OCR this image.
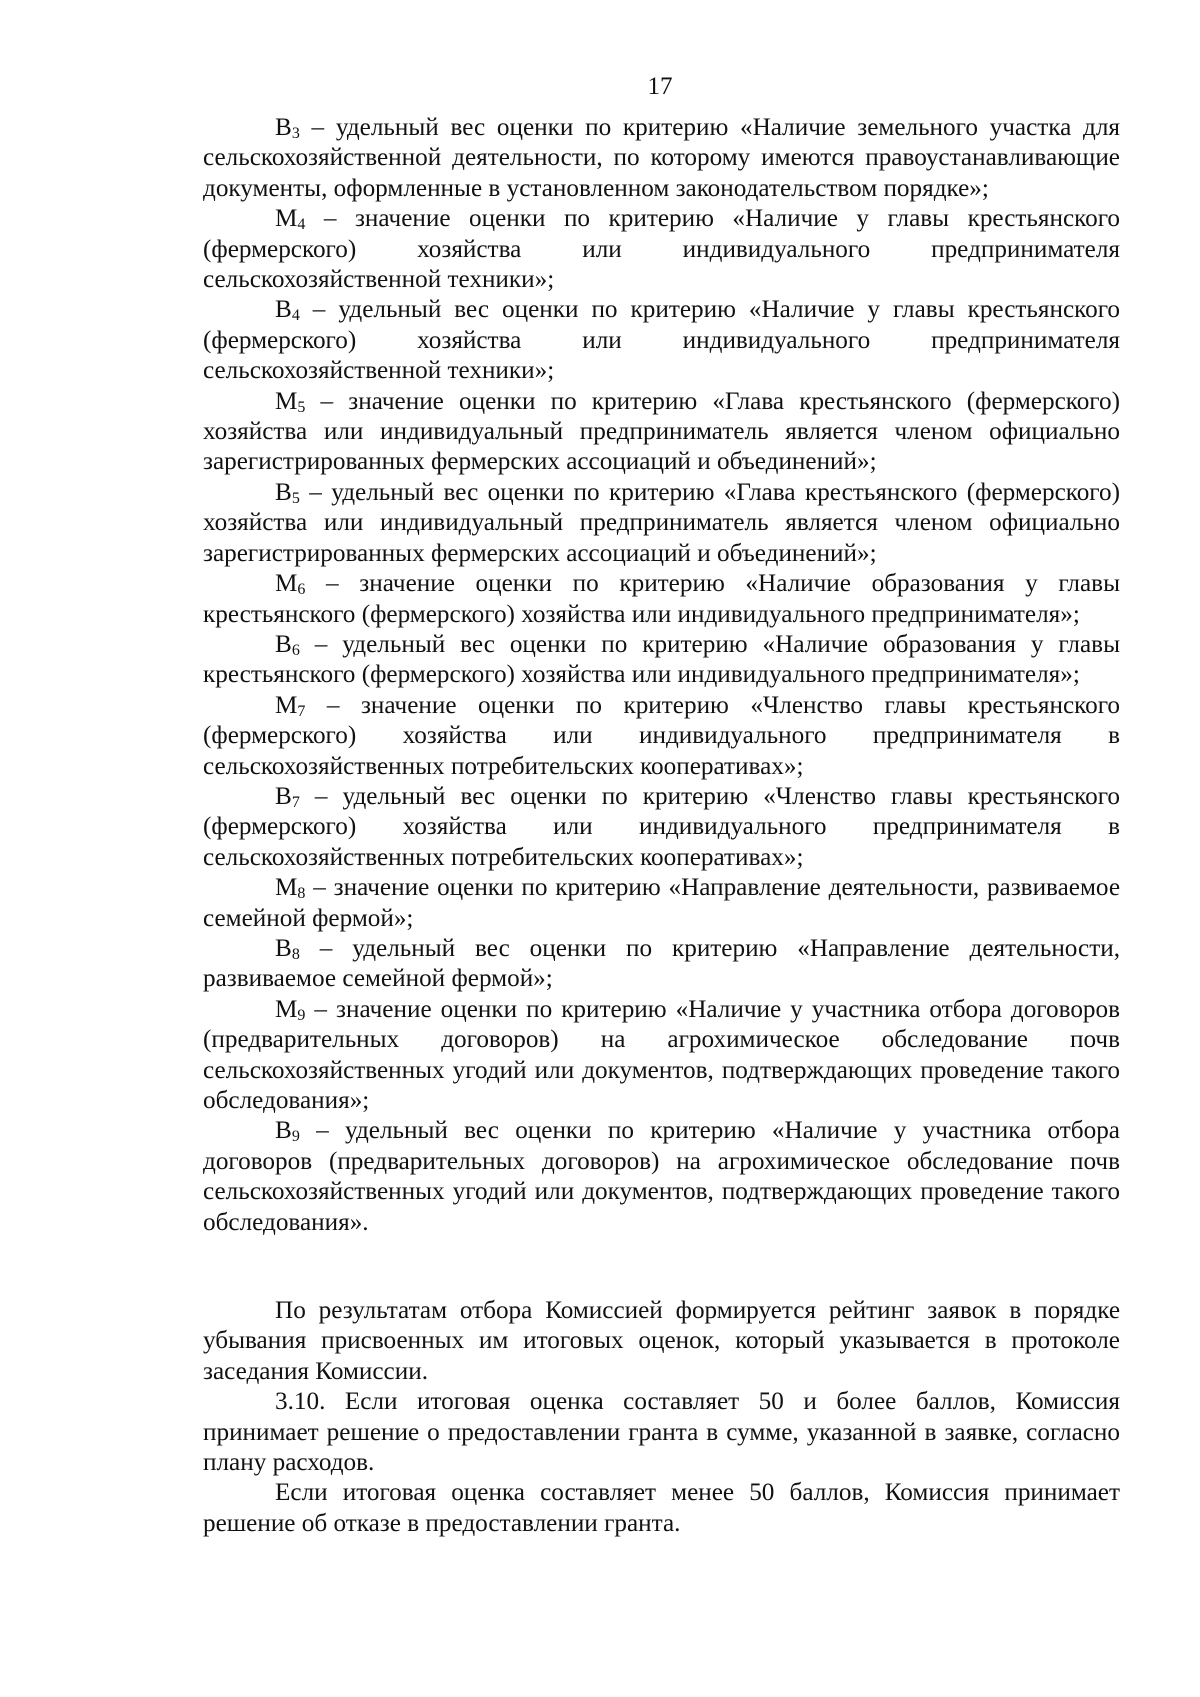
17

$В_3$ – удельный вес оценки по критерию «Наличие земельного участка для сельскохозяйственной деятельности, по которому имеются правоустанавливающие документы, оформленные в установленном законодательством порядке»;

$М_4$ – значение оценки по критерию «Наличие у главы крестьянского (фермерского) хозяйства или индивидуального предпринимателя сельскохозяйственной техники»;

$В_4$ – удельный вес оценки по критерию «Наличие у главы крестьянского (фермерского) хозяйства или индивидуального предпринимателя сельскохозяйственной техники»;

$М_5$ – значение оценки по критерию «Глава крестьянского (фермерского) хозяйства или индивидуальный предприниматель является членом официально зарегистрированных фермерских ассоциаций и объединений»;

$В_5$ – удельный вес оценки по критерию «Глава крестьянского (фермерского) хозяйства или индивидуальный предприниматель является членом официально зарегистрированных фермерских ассоциаций и объединений»;

$М_6$ – значение оценки по критерию «Наличие образования у главы крестьянского (фермерского) хозяйства или индивидуального предпринимателя»;

$В_6$ – удельный вес оценки по критерию «Наличие образования у главы крестьянского (фермерского) хозяйства или индивидуального предпринимателя»;

$М_7$ – значение оценки по критерию «Членство главы крестьянского (фермерского) хозяйства или индивидуального предпринимателя в сельскохозяйственных потребительских кооперативах»;

$В_7$ – удельный вес оценки по критерию «Членство главы крестьянского (фермерского) хозяйства или индивидуального предпринимателя в сельскохозяйственных потребительских кооперативах»;

$М_8$ – значение оценки по критерию «Направление деятельности, развиваемое семейной фермой»;

$В_8$ – удельный вес оценки по критерию «Направление деятельности, развиваемое семейной фермой»;

$М_9$ – значение оценки по критерию «Наличие у участника отбора договоров (предварительных договоров) на агрохимическое обследование почв сельскохозяйственных угодий или документов, подтверждающих проведение такого обследования»;

$В_9$ – удельный вес оценки по критерию «Наличие у участника отбора договоров (предварительных договоров) на агрохимическое обследование почв сельскохозяйственных угодий или документов, подтверждающих проведение такого обследования».

По результатам отбора Комиссией формируется рейтинг заявок в порядке убывания присвоенных им итоговых оценок, который указывается в протоколе заседания Комиссии.

3.10. Если итоговая оценка составляет 50 и более баллов, Комиссия принимает решение о предоставлении гранта в сумме, указанной в заявке, согласно плану расходов.

Если итоговая оценка составляет менее 50 баллов, Комиссия принимает решение об отказе в предоставлении гранта.
